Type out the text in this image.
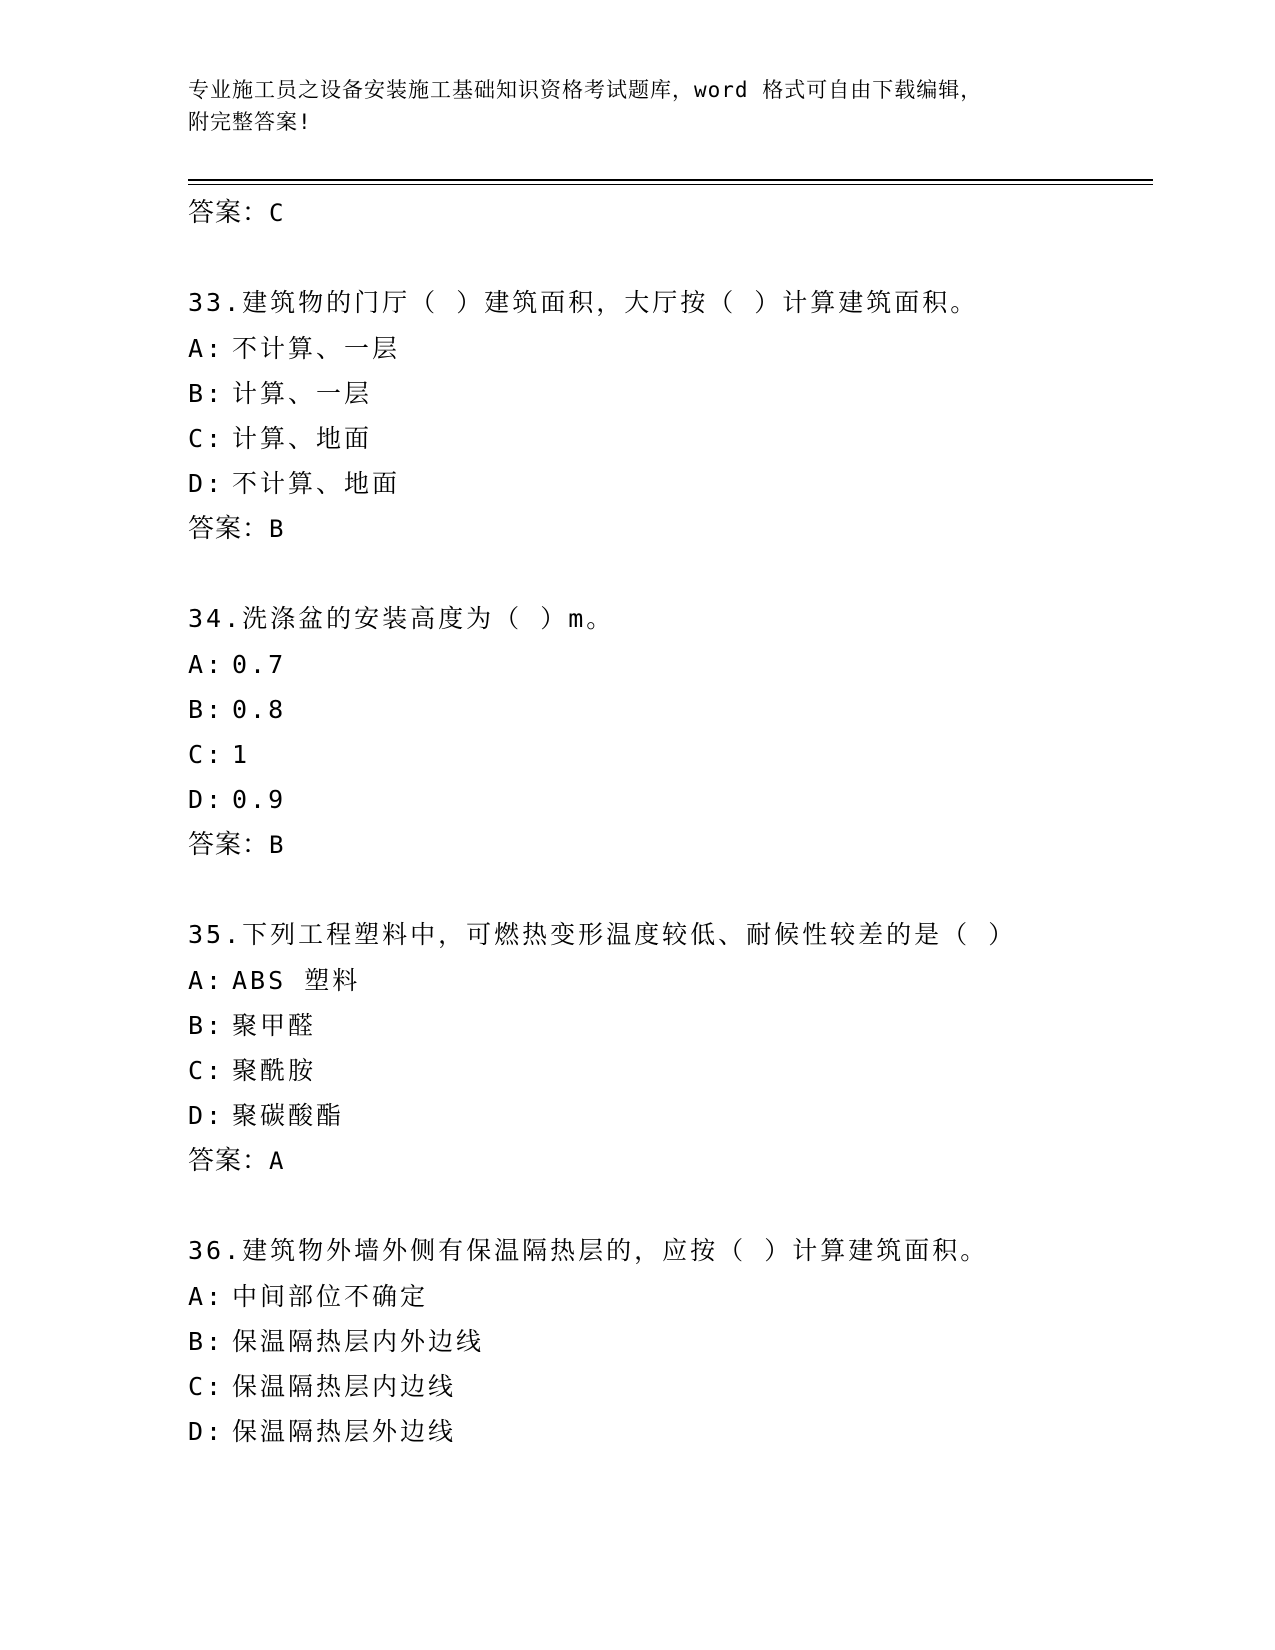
专业施工员之设备安装施工基础知识资格考试题库，word 格式可自由下载编辑，
附完整答案!
答案：C
33.建筑物的门厅（ ）建筑面积，大厅按（ ）计算建筑面积。
A: 不计算、一层
B: 计算、一层
C: 计算、地面
D: 不计算、地面
答案：B
34.洗涤盆的安装高度为（ ）m。
A: 0.7
B: 0.8
C: 1
D: 0.9
答案：B
35.下列工程塑料中，可燃热变形温度较低、耐候性较差的是（ ）
A: ABS 塑料
B: 聚甲醛
C: 聚酰胺
D: 聚碳酸酯
答案：A
36.建筑物外墙外侧有保温隔热层的，应按（ ）计算建筑面积。
A: 中间部位不确定
B: 保温隔热层内外边线
C: 保温隔热层内边线
D: 保温隔热层外边线
